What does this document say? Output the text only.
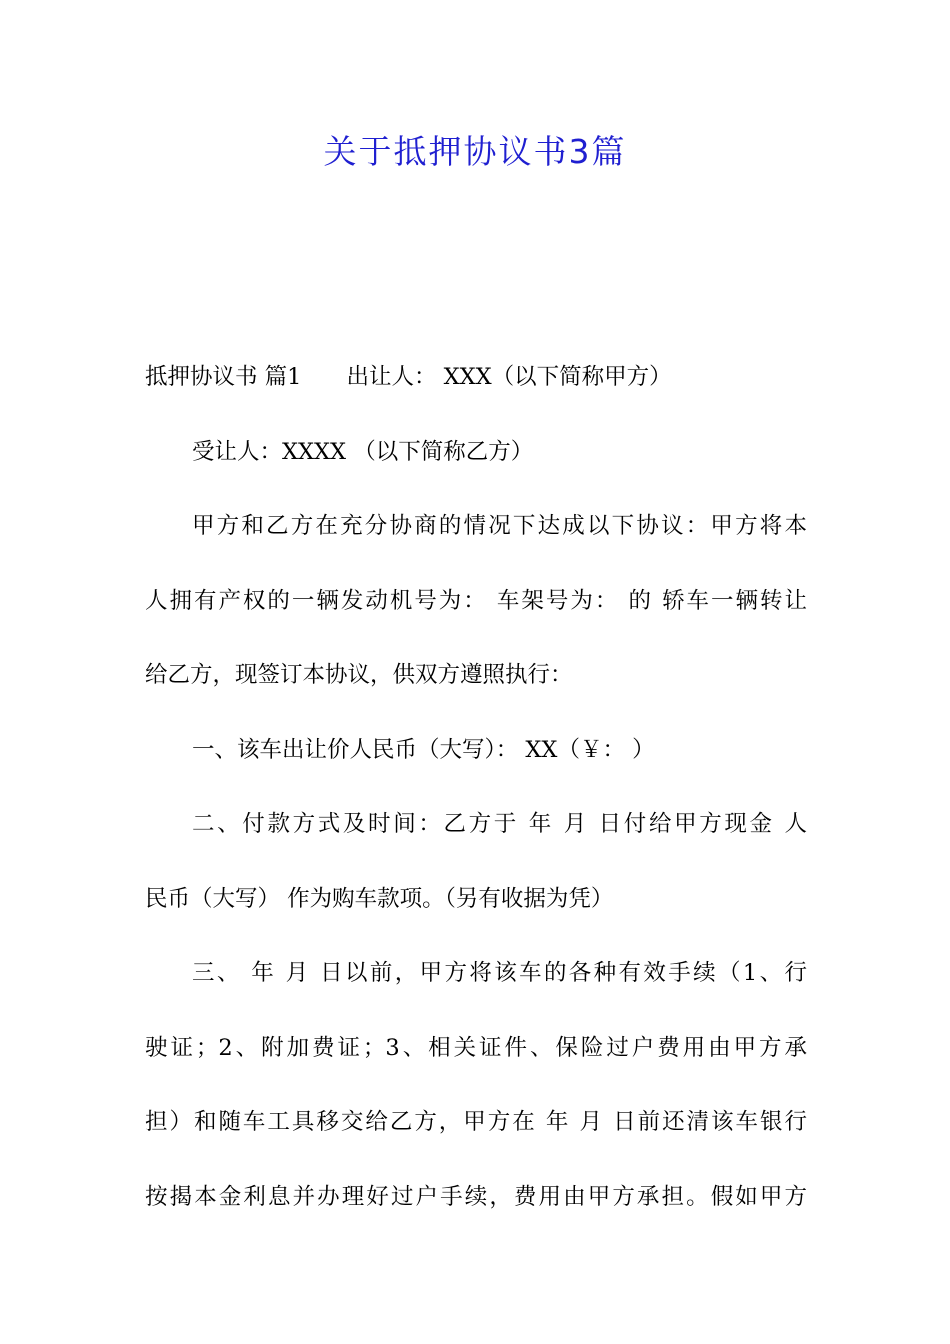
关于抵押协议书3篇
抵押协议书 篇1　　出让人： XXX（以下简称甲方）
受让人：XXXX （以下简称乙方）
甲方和乙方在充分协商的情况下达成以下协议：甲方将本
人拥有产权的一辆发动机号为： 车架号为： 的 轿车一辆转让
给乙方，现签订本协议，供双方遵照执行：
一、该车出让价人民币（大写）： XX（￥： ）
二、付款方式及时间：乙方于 年 月 日付给甲方现金 人
民币（大写） 作为购车款项。（另有收据为凭）
三、 年 月 日以前，甲方将该车的各种有效手续（1、行
驶证；2、附加费证；3、相关证件、保险过户费用由甲方承
担）和随车工具移交给乙方，甲方在 年 月 日前还清该车银行
按揭本金利息并办理好过户手续，费用由甲方承担。假如甲方
